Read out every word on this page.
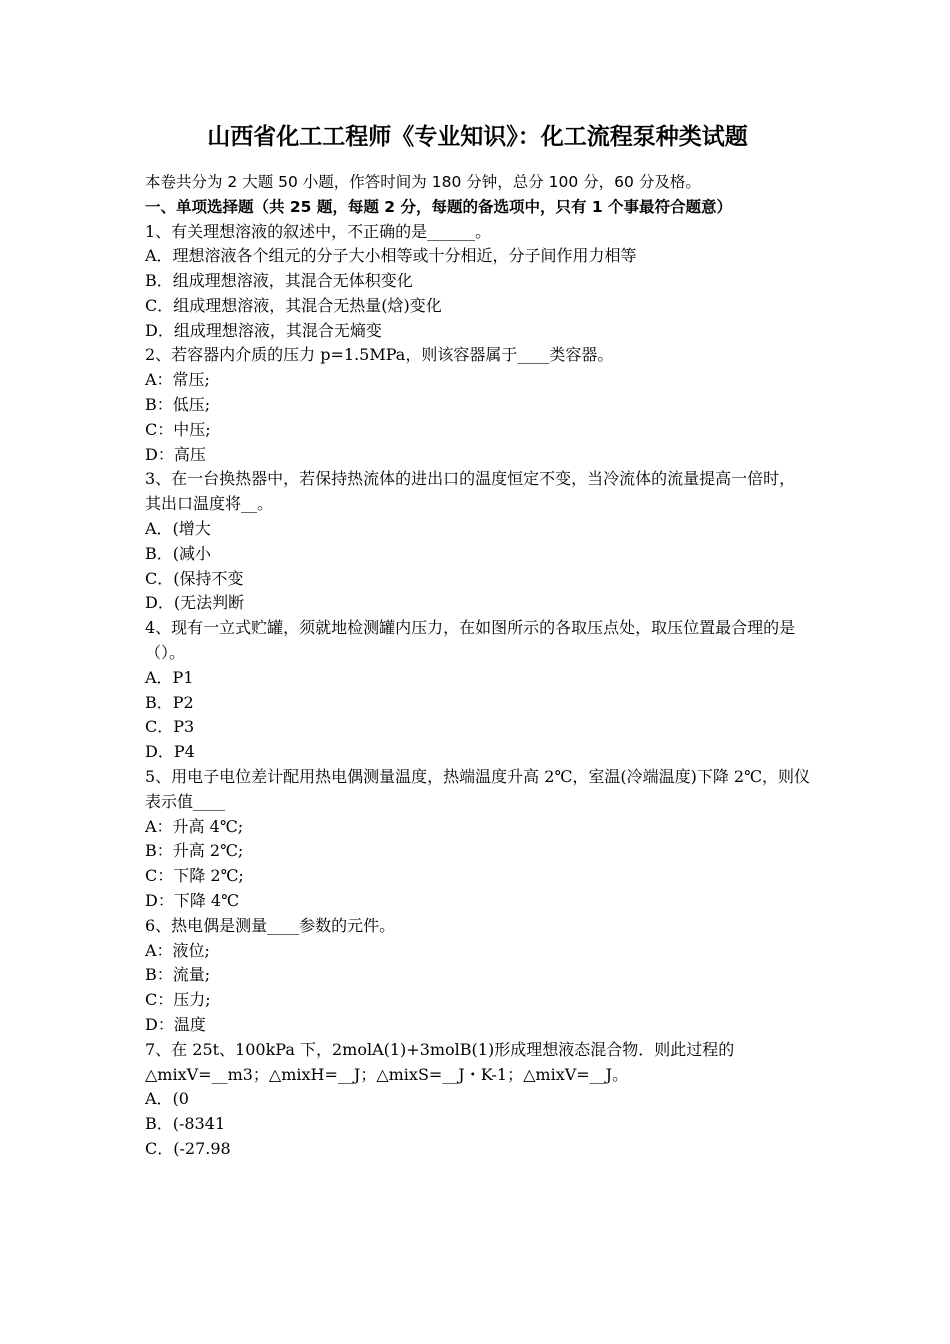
山西省化工工程师《专业知识》：化工流程泵种类试题
本卷共分为 2 大题 50 小题，作答时间为 180 分钟，总分 100 分，60 分及格。
一、单项选择题（共 25 题，每题 2 分，每题的备选项中，只有 1 个事最符合题意）
1、有关理想溶液的叙述中，不正确的是______。
A．理想溶液各个组元的分子大小相等或十分相近，分子间作用力相等
B．组成理想溶液，其混合无体积变化
C．组成理想溶液，其混合无热量(焓)变化
D．组成理想溶液，其混合无熵变
2、若容器内介质的压力 p=1.5MPa，则该容器属于____类容器。
A：常压;
B：低压;
C：中压;
D：高压
3、在一台换热器中，若保持热流体的进出口的温度恒定不变，当冷流体的流量提高一倍时，其出口温度将__。
A．(增大
B．(减小
C．(保持不变
D．(无法判断
4、现有一立式贮罐，须就地检测罐内压力，在如图所示的各取压点处，取压位置最合理的是（）。
A．P1
B．P2
C．P3
D．P4
5、用电子电位差计配用热电偶测量温度，热端温度升高 2℃，室温(冷端温度)下降 2℃，则仪表示值____
A：升高 4℃;
B：升高 2℃;
C：下降 2℃;
D：下降 4℃
6、热电偶是测量____参数的元件。
A：液位;
B：流量;
C：压力;
D：温度
7、在 25t、100kPa 下，2molA(1)+3molB(1)形成理想液态混合物．则此过程的△mixV=__m3；△mixH=__J；△mixS=__J・K-1；△mixV=__J。
A．(0
B．(-8341
C．(-27.98
